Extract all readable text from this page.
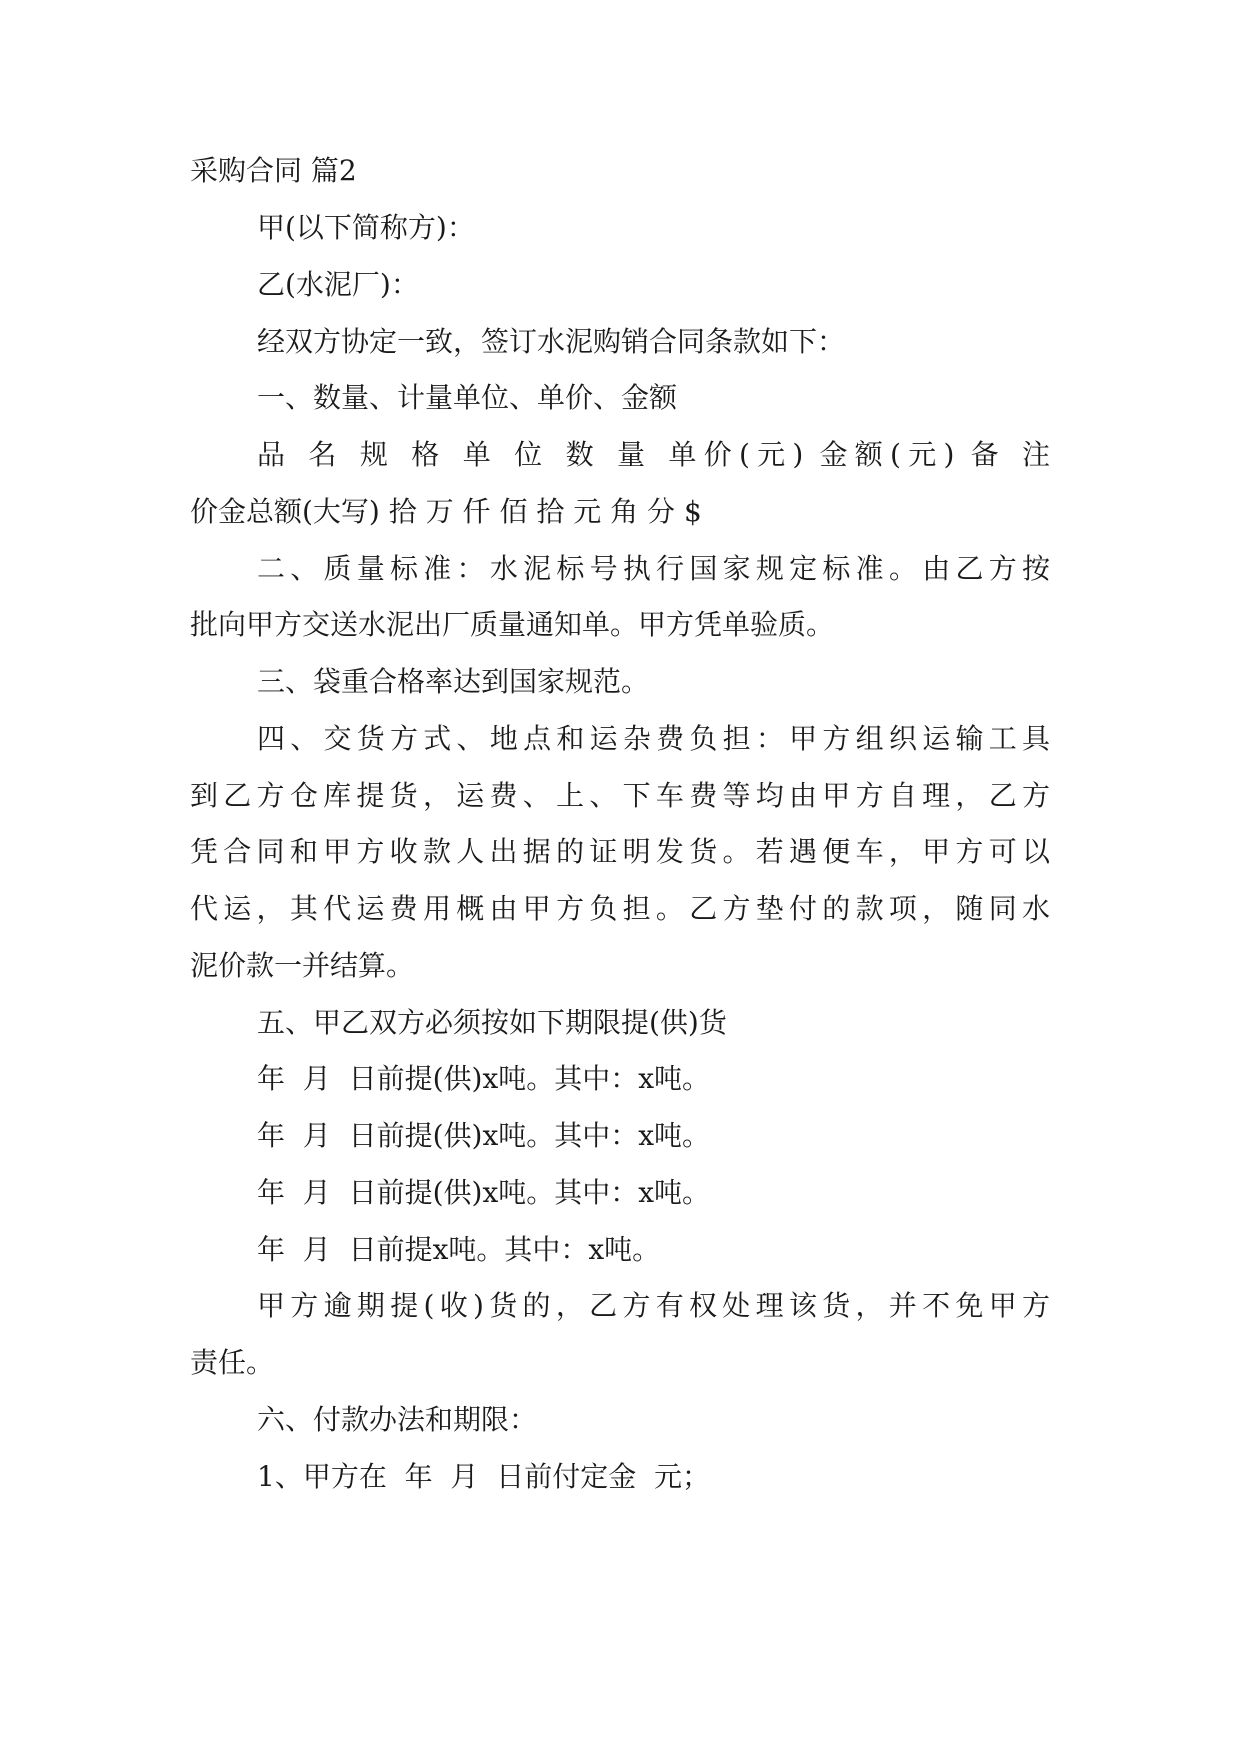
采购合同 篇2
甲(以下简称方)：
乙(水泥厂)：
经双方协定一致，签订水泥购销合同条款如下：
一、数量、计量单位、单价、金额
品 名 规 格 单 位 数 量 单价(元) 金额(元) 备 注
价金总额(大写) 拾 万 仟 佰 拾 元 角 分 $
二、质量标准：水泥标号执行国家规定标准。由乙方按
批向甲方交送水泥出厂质量通知单。甲方凭单验质。
三、袋重合格率达到国家规范。
四、交货方式、地点和运杂费负担：甲方组织运输工具
到乙方仓库提货，运费、上、下车费等均由甲方自理，乙方
凭合同和甲方收款人出据的证明发货。若遇便车，甲方可以
代运，其代运费用概由甲方负担。乙方垫付的款项，随同水
泥价款一并结算。
五、甲乙双方必须按如下期限提(供)货
年  月  日前提(供)x吨。其中：x吨。
年  月  日前提(供)x吨。其中：x吨。
年  月  日前提(供)x吨。其中：x吨。
年  月  日前提x吨。其中：x吨。
甲方逾期提(收)货的，乙方有权处理该货，并不免甲方
责任。
六、付款办法和期限：
1、甲方在  年  月  日前付定金  元；
